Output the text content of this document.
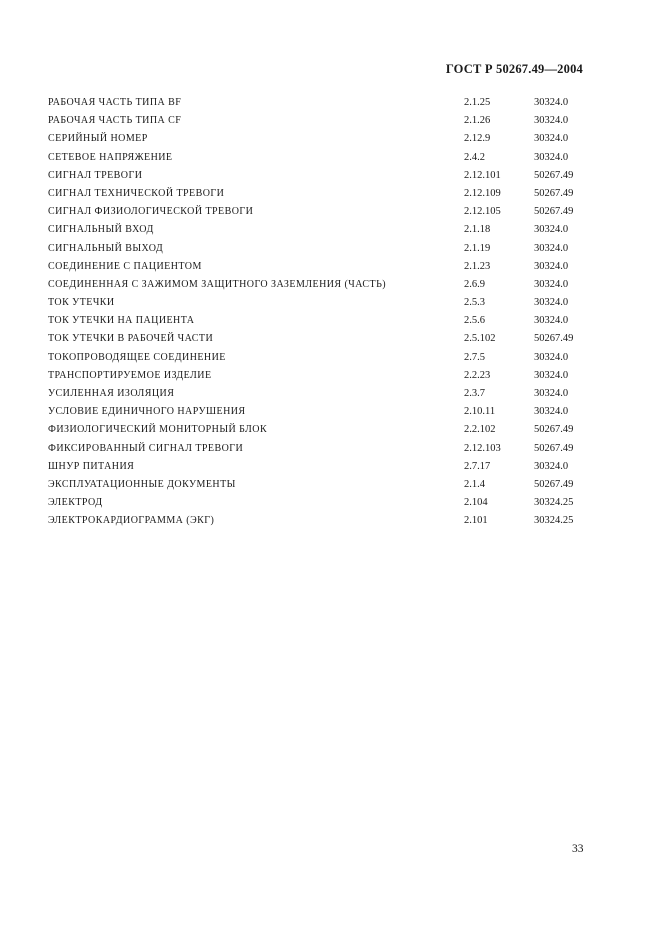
ГОСТ Р 50267.49—2004
РАБОЧАЯ ЧАСТЬ ТИПА BF	2.1.25	30324.0
РАБОЧАЯ ЧАСТЬ ТИПА CF	2.1.26	30324.0
СЕРИЙНЫЙ НОМЕР	2.12.9	30324.0
СЕТЕВОЕ НАПРЯЖЕНИЕ	2.4.2	30324.0
СИГНАЛ ТРЕВОГИ	2.12.101	50267.49
СИГНАЛ ТЕХНИЧЕСКОЙ ТРЕВОГИ	2.12.109	50267.49
СИГНАЛ ФИЗИОЛОГИЧЕСКОЙ ТРЕВОГИ	2.12.105	50267.49
СИГНАЛЬНЫЙ ВХОД	2.1.18	30324.0
СИГНАЛЬНЫЙ ВЫХОД	2.1.19	30324.0
СОЕДИНЕНИЕ С ПАЦИЕНТОМ	2.1.23	30324.0
СОЕДИНЕННАЯ С ЗАЖИМОМ ЗАЩИТНОГО ЗАЗЕМЛЕНИЯ (ЧАСТЬ)	2.6.9	30324.0
ТОК УТЕЧКИ	2.5.3	30324.0
ТОК УТЕЧКИ НА ПАЦИЕНТА	2.5.6	30324.0
ТОК УТЕЧКИ В РАБОЧЕЙ ЧАСТИ	2.5.102	50267.49
ТОКОПРОВОДЯЩЕЕ СОЕДИНЕНИЕ	2.7.5	30324.0
ТРАНСПОРТИРУЕМОЕ ИЗДЕЛИЕ	2.2.23	30324.0
УСИЛЕННАЯ ИЗОЛЯЦИЯ	2.3.7	30324.0
УСЛОВИЕ ЕДИНИЧНОГО НАРУШЕНИЯ	2.10.11	30324.0
ФИЗИОЛОГИЧЕСКИЙ МОНИТОРНЫЙ БЛОК	2.2.102	50267.49
ФИКСИРОВАННЫЙ СИГНАЛ ТРЕВОГИ	2.12.103	50267.49
ШНУР ПИТАНИЯ	2.7.17	30324.0
ЭКСПЛУАТАЦИОННЫЕ ДОКУМЕНТЫ	2.1.4	50267.49
ЭЛЕКТРОД	2.104	30324.25
ЭЛЕКТРОКАРДИОГРАММА (ЭКГ)	2.101	30324.25
33
